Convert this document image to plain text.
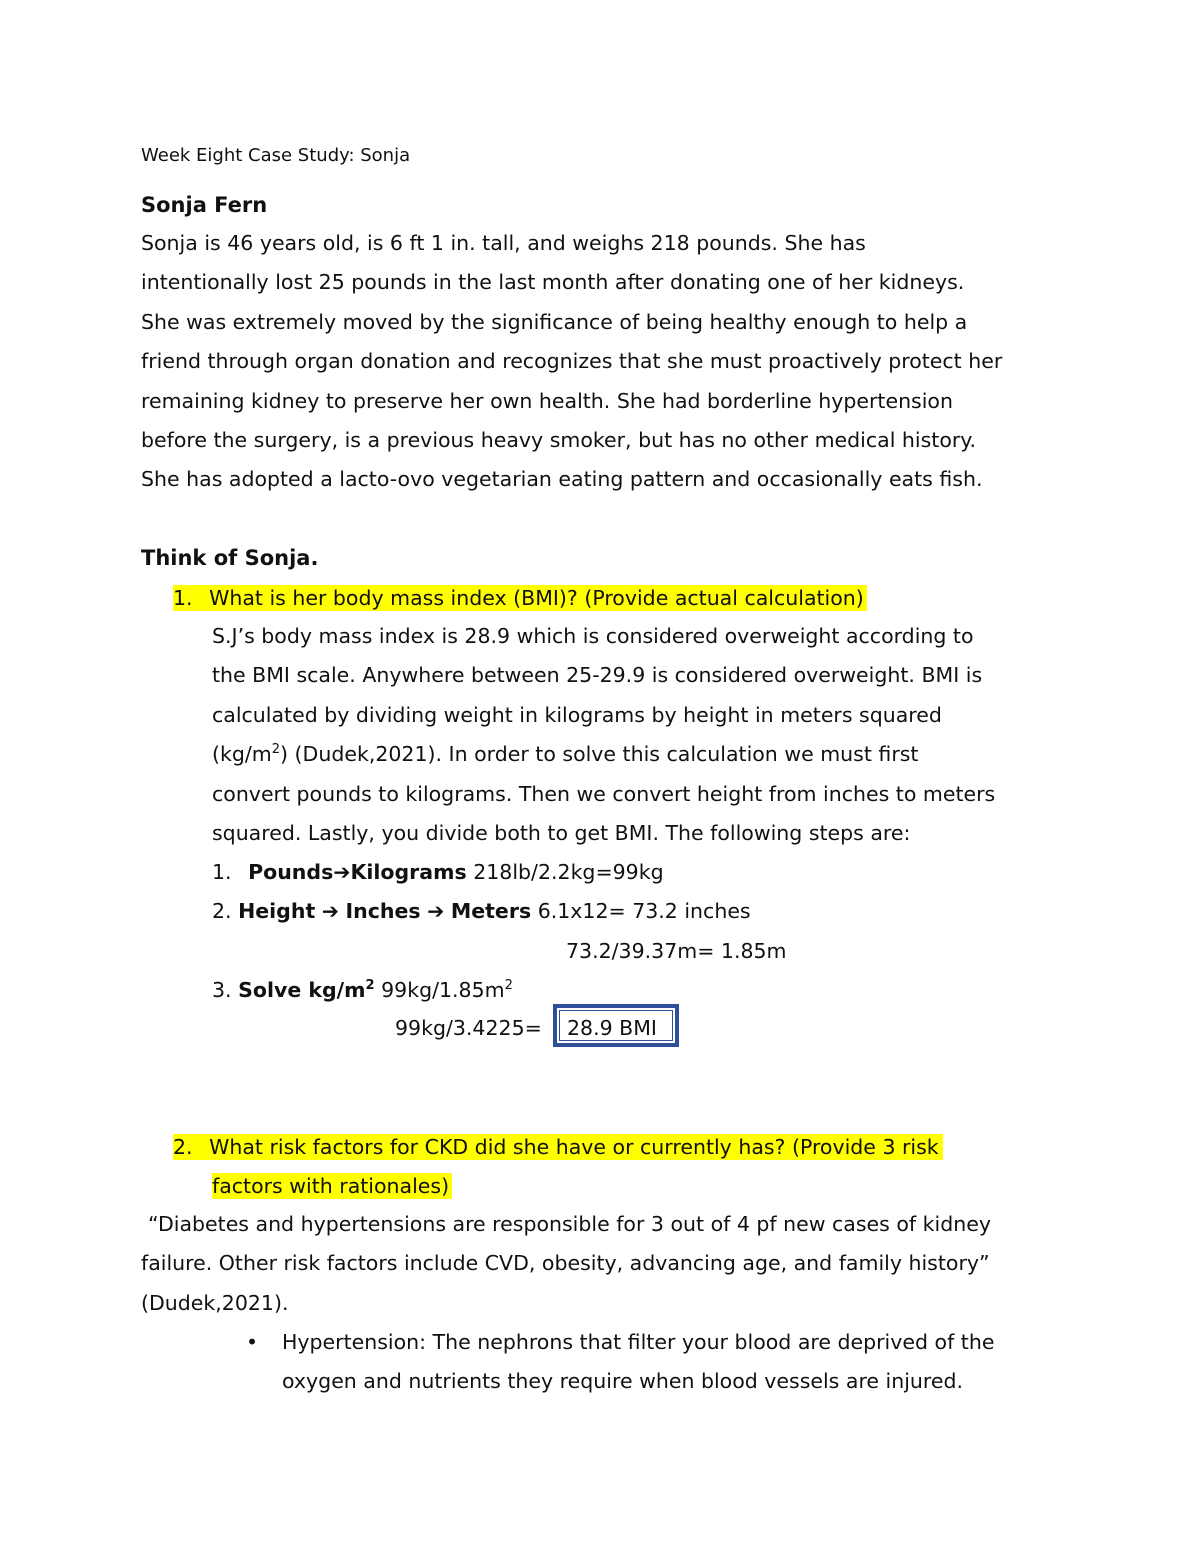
Week Eight Case Study: Sonja
Sonja Fern
Sonja is 46 years old, is 6 ft 1 in. tall, and weighs 218 pounds. She has
intentionally lost 25 pounds in the last month after donating one of her kidneys.
She was extremely moved by the significance of being healthy enough to help a
friend through organ donation and recognizes that she must proactively protect her
remaining kidney to preserve her own health. She had borderline hypertension
before the surgery, is a previous heavy smoker, but has no other medical history.
She has adopted a lacto-ovo vegetarian eating pattern and occasionally eats fish.
Think of Sonja.
1. What is her body mass index (BMI)? (Provide actual calculation)
S.J’s body mass index is 28.9 which is considered overweight according to
the BMI scale. Anywhere between 25-29.9 is considered overweight. BMI is
calculated by dividing weight in kilograms by height in meters squared
$(kg/m^2)$ (Dudek,2021). In order to solve this calculation we must first
convert pounds to kilograms. Then we convert height from inches to meters
squared. Lastly, you divide both to get BMI. The following steps are:
1. Pounds➔Kilograms 218lb/2.2kg=99kg
2. Height ➔ Inches ➔ Meters 6.1x12= 73.2 inches
73.2/39.37m= 1.85m
3. Solve $kg/m^2$ $99kg/1.85m^2$
99kg/3.4225= 28.9 BMI
2. What risk factors for CKD did she have or currently has? (Provide 3 risk
factors with rationales)
“Diabetes and hypertensions are responsible for 3 out of 4 pf new cases of kidney
failure. Other risk factors include CVD, obesity, advancing age, and family history”
(Dudek,2021).
• Hypertension: The nephrons that filter your blood are deprived of the
oxygen and nutrients they require when blood vessels are injured.
